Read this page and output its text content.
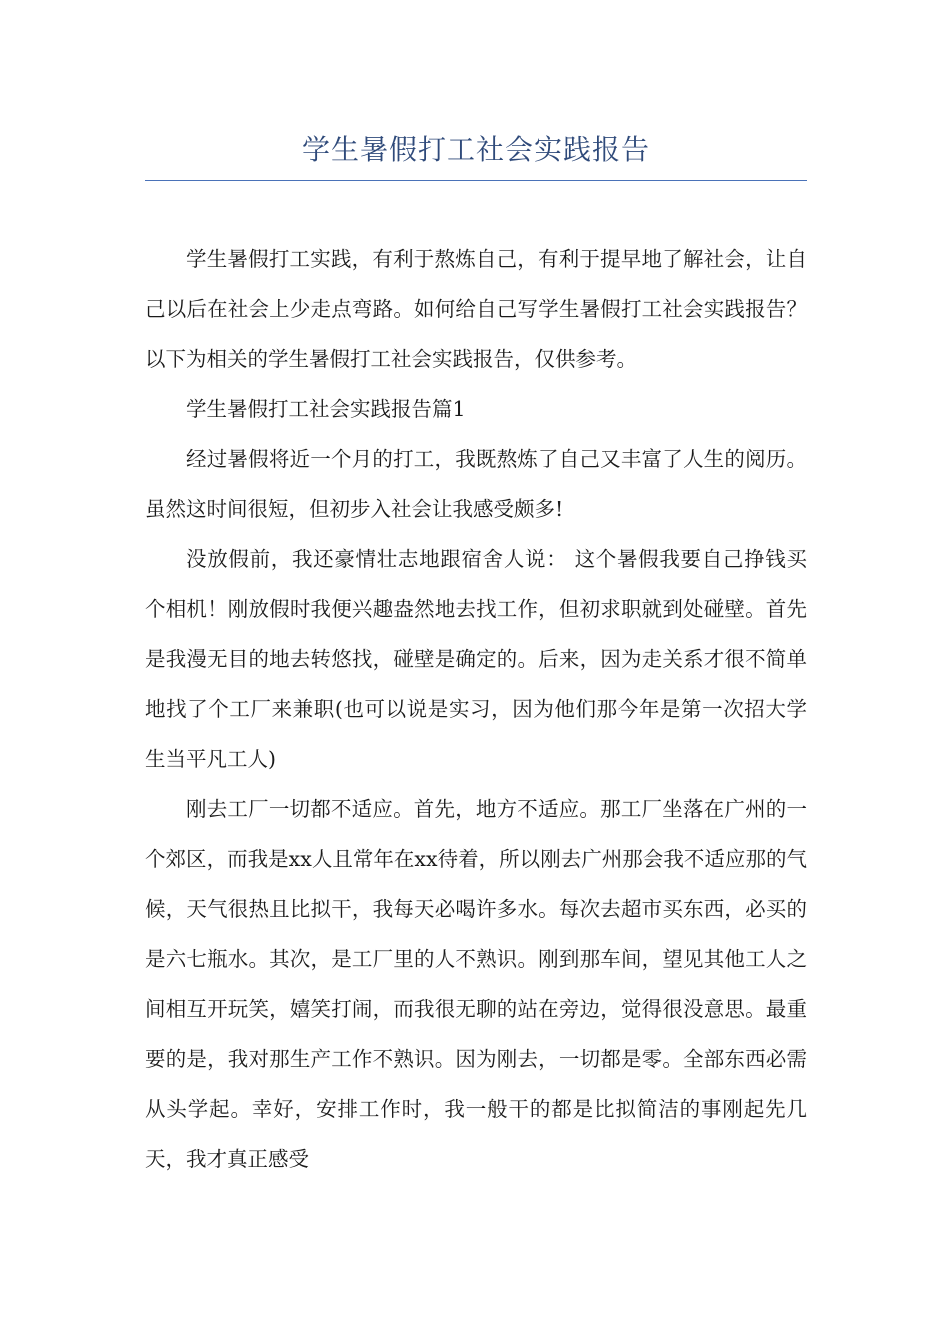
学生暑假打工社会实践报告

学生暑假打工实践，有利于熬炼自己，有利于提早地了解社会，让自己以后在社会上少走点弯路。如何给自己写学生暑假打工社会实践报告？以下为相关的学生暑假打工社会实践报告，仅供参考。

学生暑假打工社会实践报告篇1

经过暑假将近一个月的打工，我既熬炼了自己又丰富了人生的阅历。虽然这时间很短，但初步入社会让我感受颇多!

没放假前，我还豪情壮志地跟宿舍人说： 这个暑假我要自己挣钱买个相机！刚放假时我便兴趣盎然地去找工作，但初求职就到处碰壁。首先是我漫无目的地去转悠找，碰壁是确定的。后来，因为走关系才很不简单地找了个工厂来兼职(也可以说是实习，因为他们那今年是第一次招大学生当平凡工人)

刚去工厂一切都不适应。首先，地方不适应。那工厂坐落在广州的一个郊区，而我是xx人且常年在xx待着，所以刚去广州那会我不适应那的气候，天气很热且比拟干，我每天必喝许多水。每次去超市买东西，必买的是六七瓶水。其次，是工厂里的人不熟识。刚到那车间，望见其他工人之间相互开玩笑，嬉笑打闹，而我很无聊的站在旁边，觉得很没意思。最重要的是，我对那生产工作不熟识。因为刚去，一切都是零。全部东西必需从头学起。幸好，安排工作时，我一般干的都是比拟简洁的事刚起先几天，我才真正感受
